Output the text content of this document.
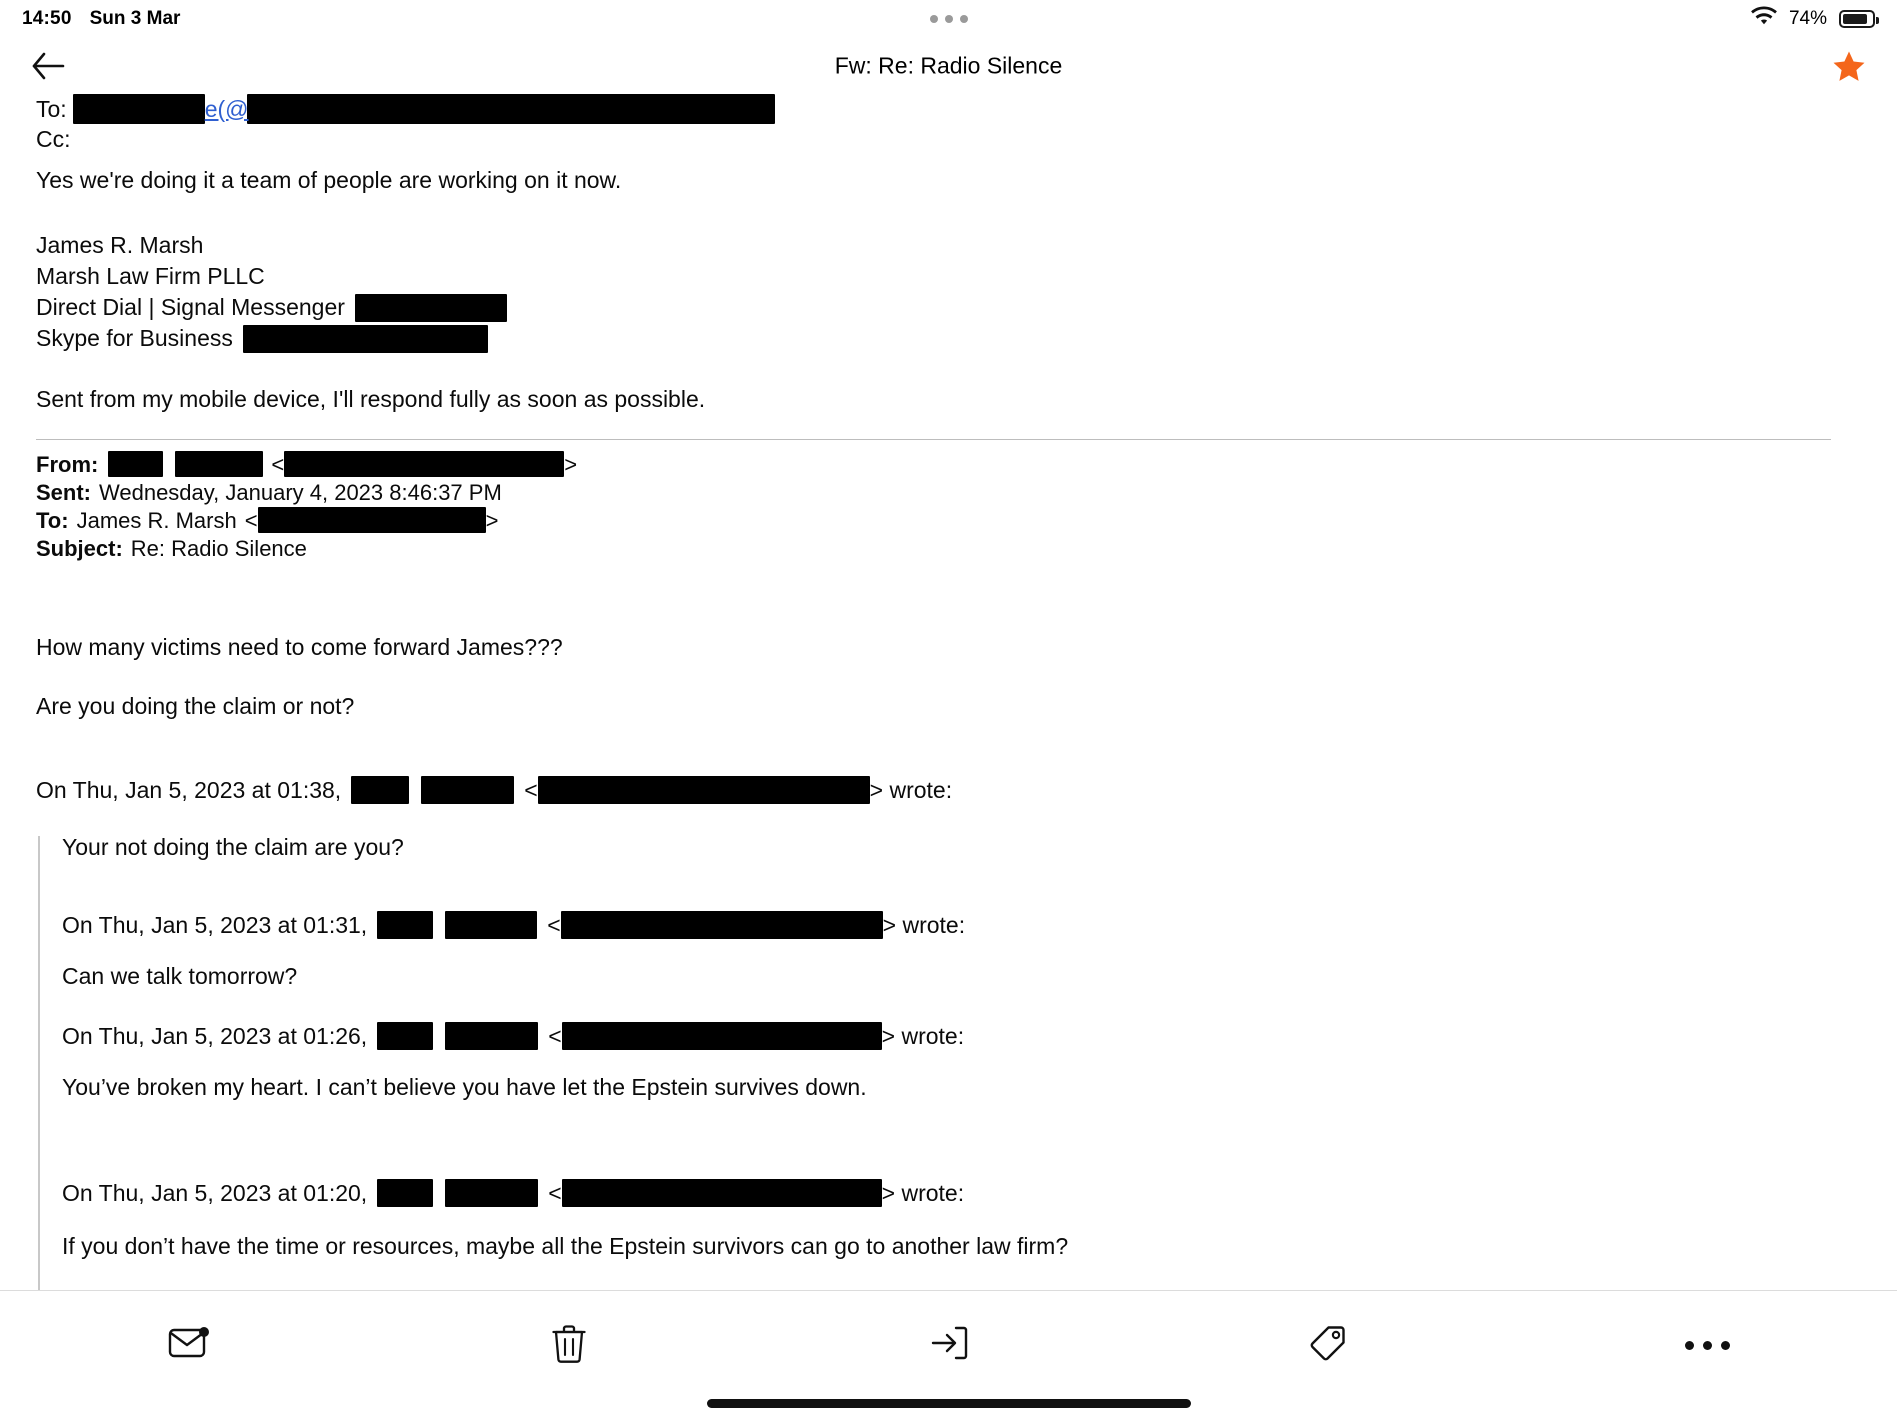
14:50 Sun 3 Mar	74%
Fw: Re: Radio Silence
To:	e(@
Cc:
Yes we're doing it a team of people are working on it now.
James R. Marsh
Marsh Law Firm PLLC
Direct Dial | Signal Messenger
Skype for Business
Sent from my mobile device, I'll respond fully as soon as possible.
From:	<	>
Sent: Wednesday, January 4, 2023 8:46:37 PM
To: James R. Marsh <	>
Subject: Re: Radio Silence
How many victims need to come forward James???
Are you doing the claim or not?
On Thu, Jan 5, 2023 at 01:38,	<	> wrote:
Your not doing the claim are you?
On Thu, Jan 5, 2023 at 01:31,	<	> wrote:
Can we talk tomorrow?
On Thu, Jan 5, 2023 at 01:26,	<	> wrote:
You’ve broken my heart. I can’t believe you have let the Epstein survives down.
On Thu, Jan 5, 2023 at 01:20,	<	> wrote:
If you don’t have the time or resources, maybe all the Epstein survivors can go to another law firm?
